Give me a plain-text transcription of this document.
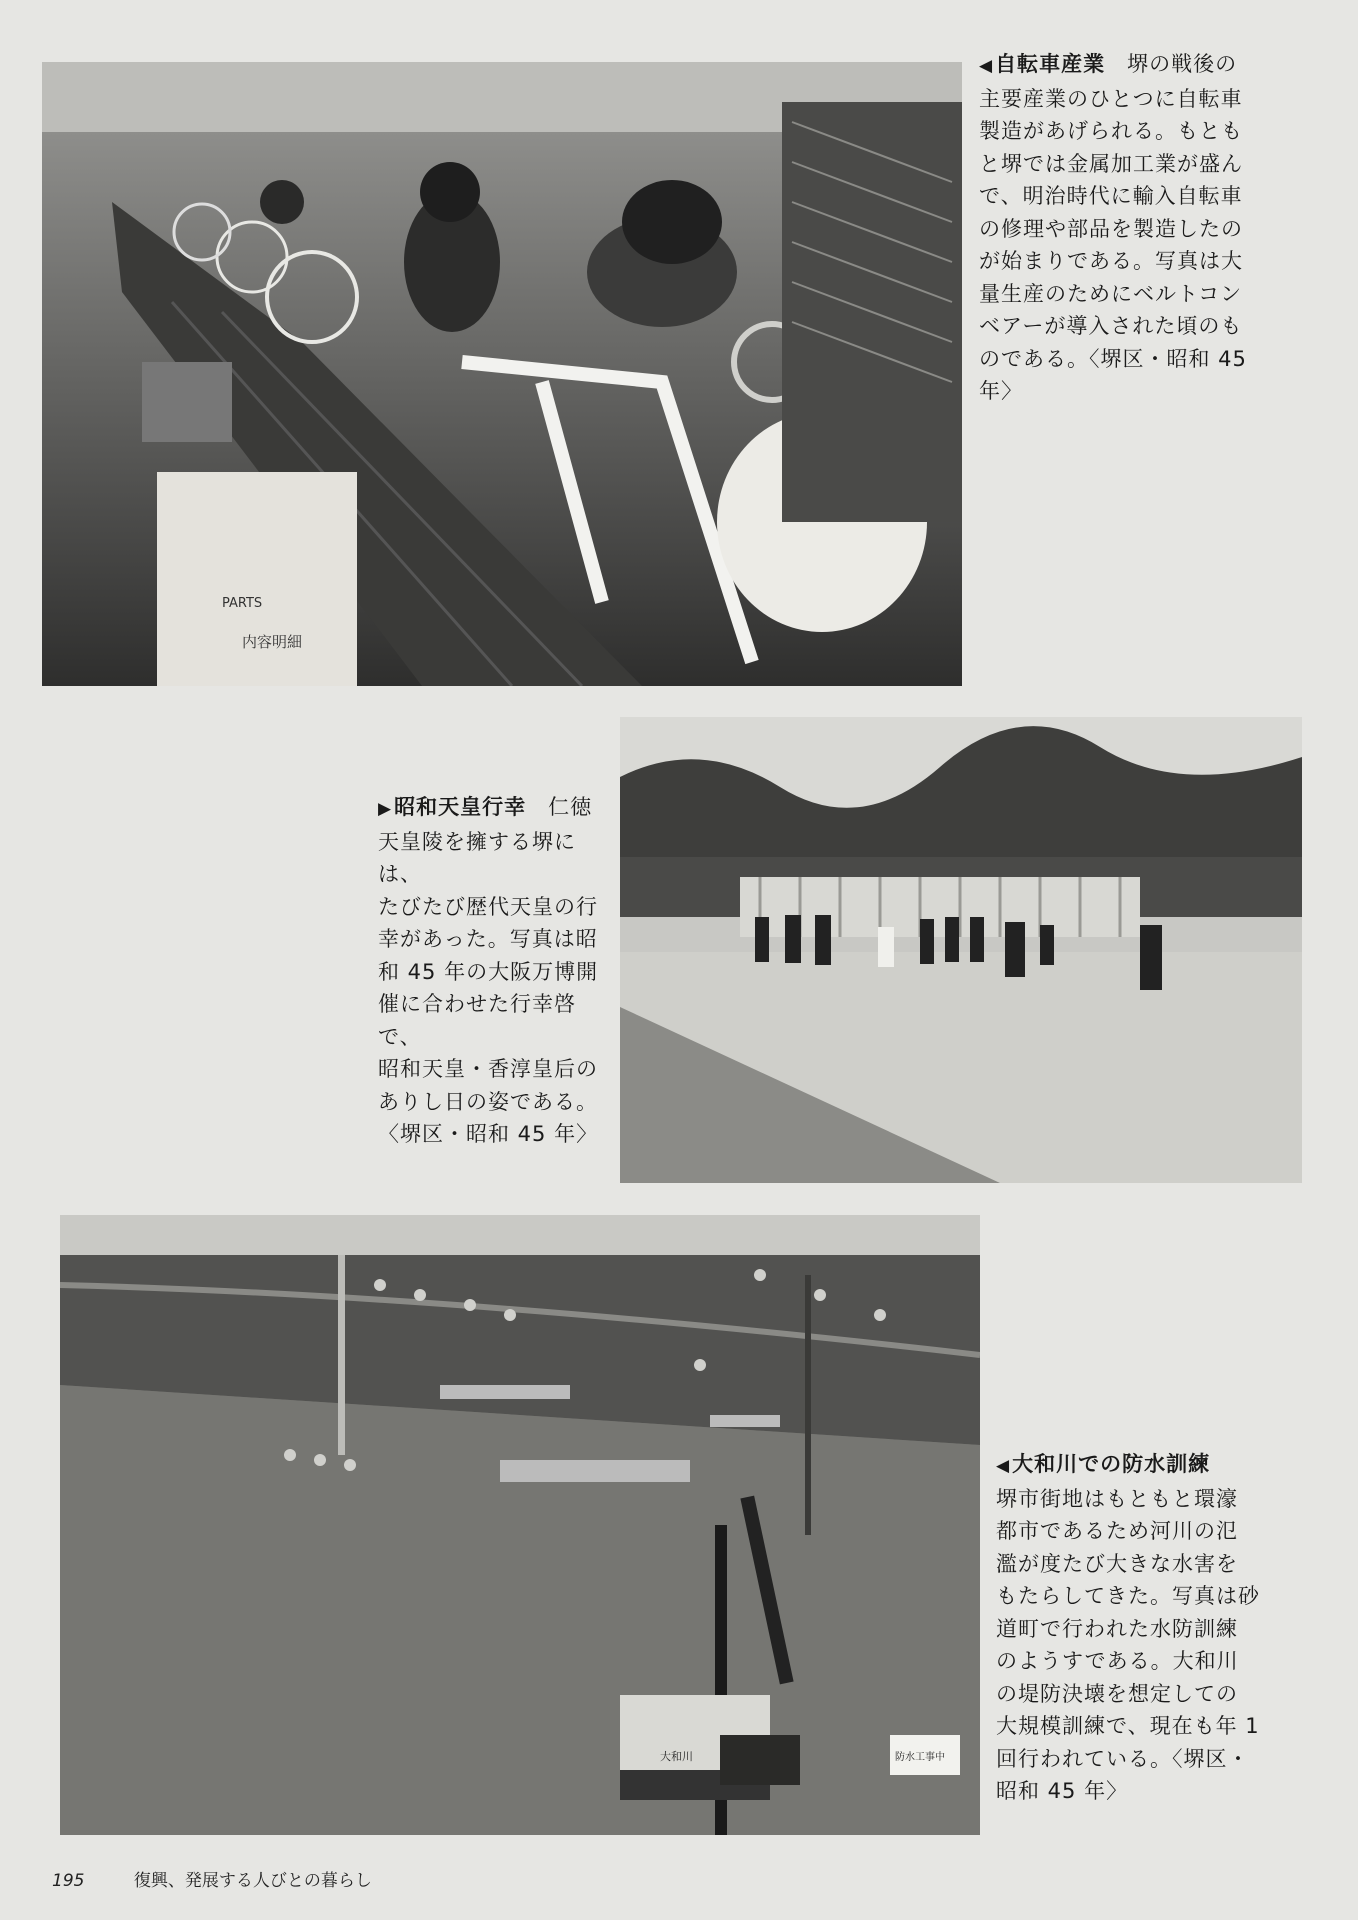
PARTS
内容明細
◀自転車産業　堺の戦後の
主要産業のひとつに自転車
製造があげられる。もとも
と堺では金属加工業が盛ん
で、明治時代に輸入自転車
の修理や部品を製造したの
が始まりである。写真は大
量生産のためにベルトコン
ベアーが導入された頃のも
のである。〈堺区・昭和 45
年〉
▶昭和天皇行幸　仁徳
天皇陵を擁する堺には、
たびたび歴代天皇の行
幸があった。写真は昭
和 45 年の大阪万博開
催に合わせた行幸啓で、
昭和天皇・香淳皇后の
ありし日の姿である。
〈堺区・昭和 45 年〉
大和川	防水工事中
◀大和川での防水訓練
堺市街地はもともと環濠
都市であるため河川の氾
濫が度たび大きな水害を
もたらしてきた。写真は砂
道町で行われた水防訓練
のようすである。大和川
の堤防決壊を想定しての
大規模訓練で、現在も年 1
回行われている。〈堺区・
昭和 45 年〉
195	復興、発展する人びとの暮らし
